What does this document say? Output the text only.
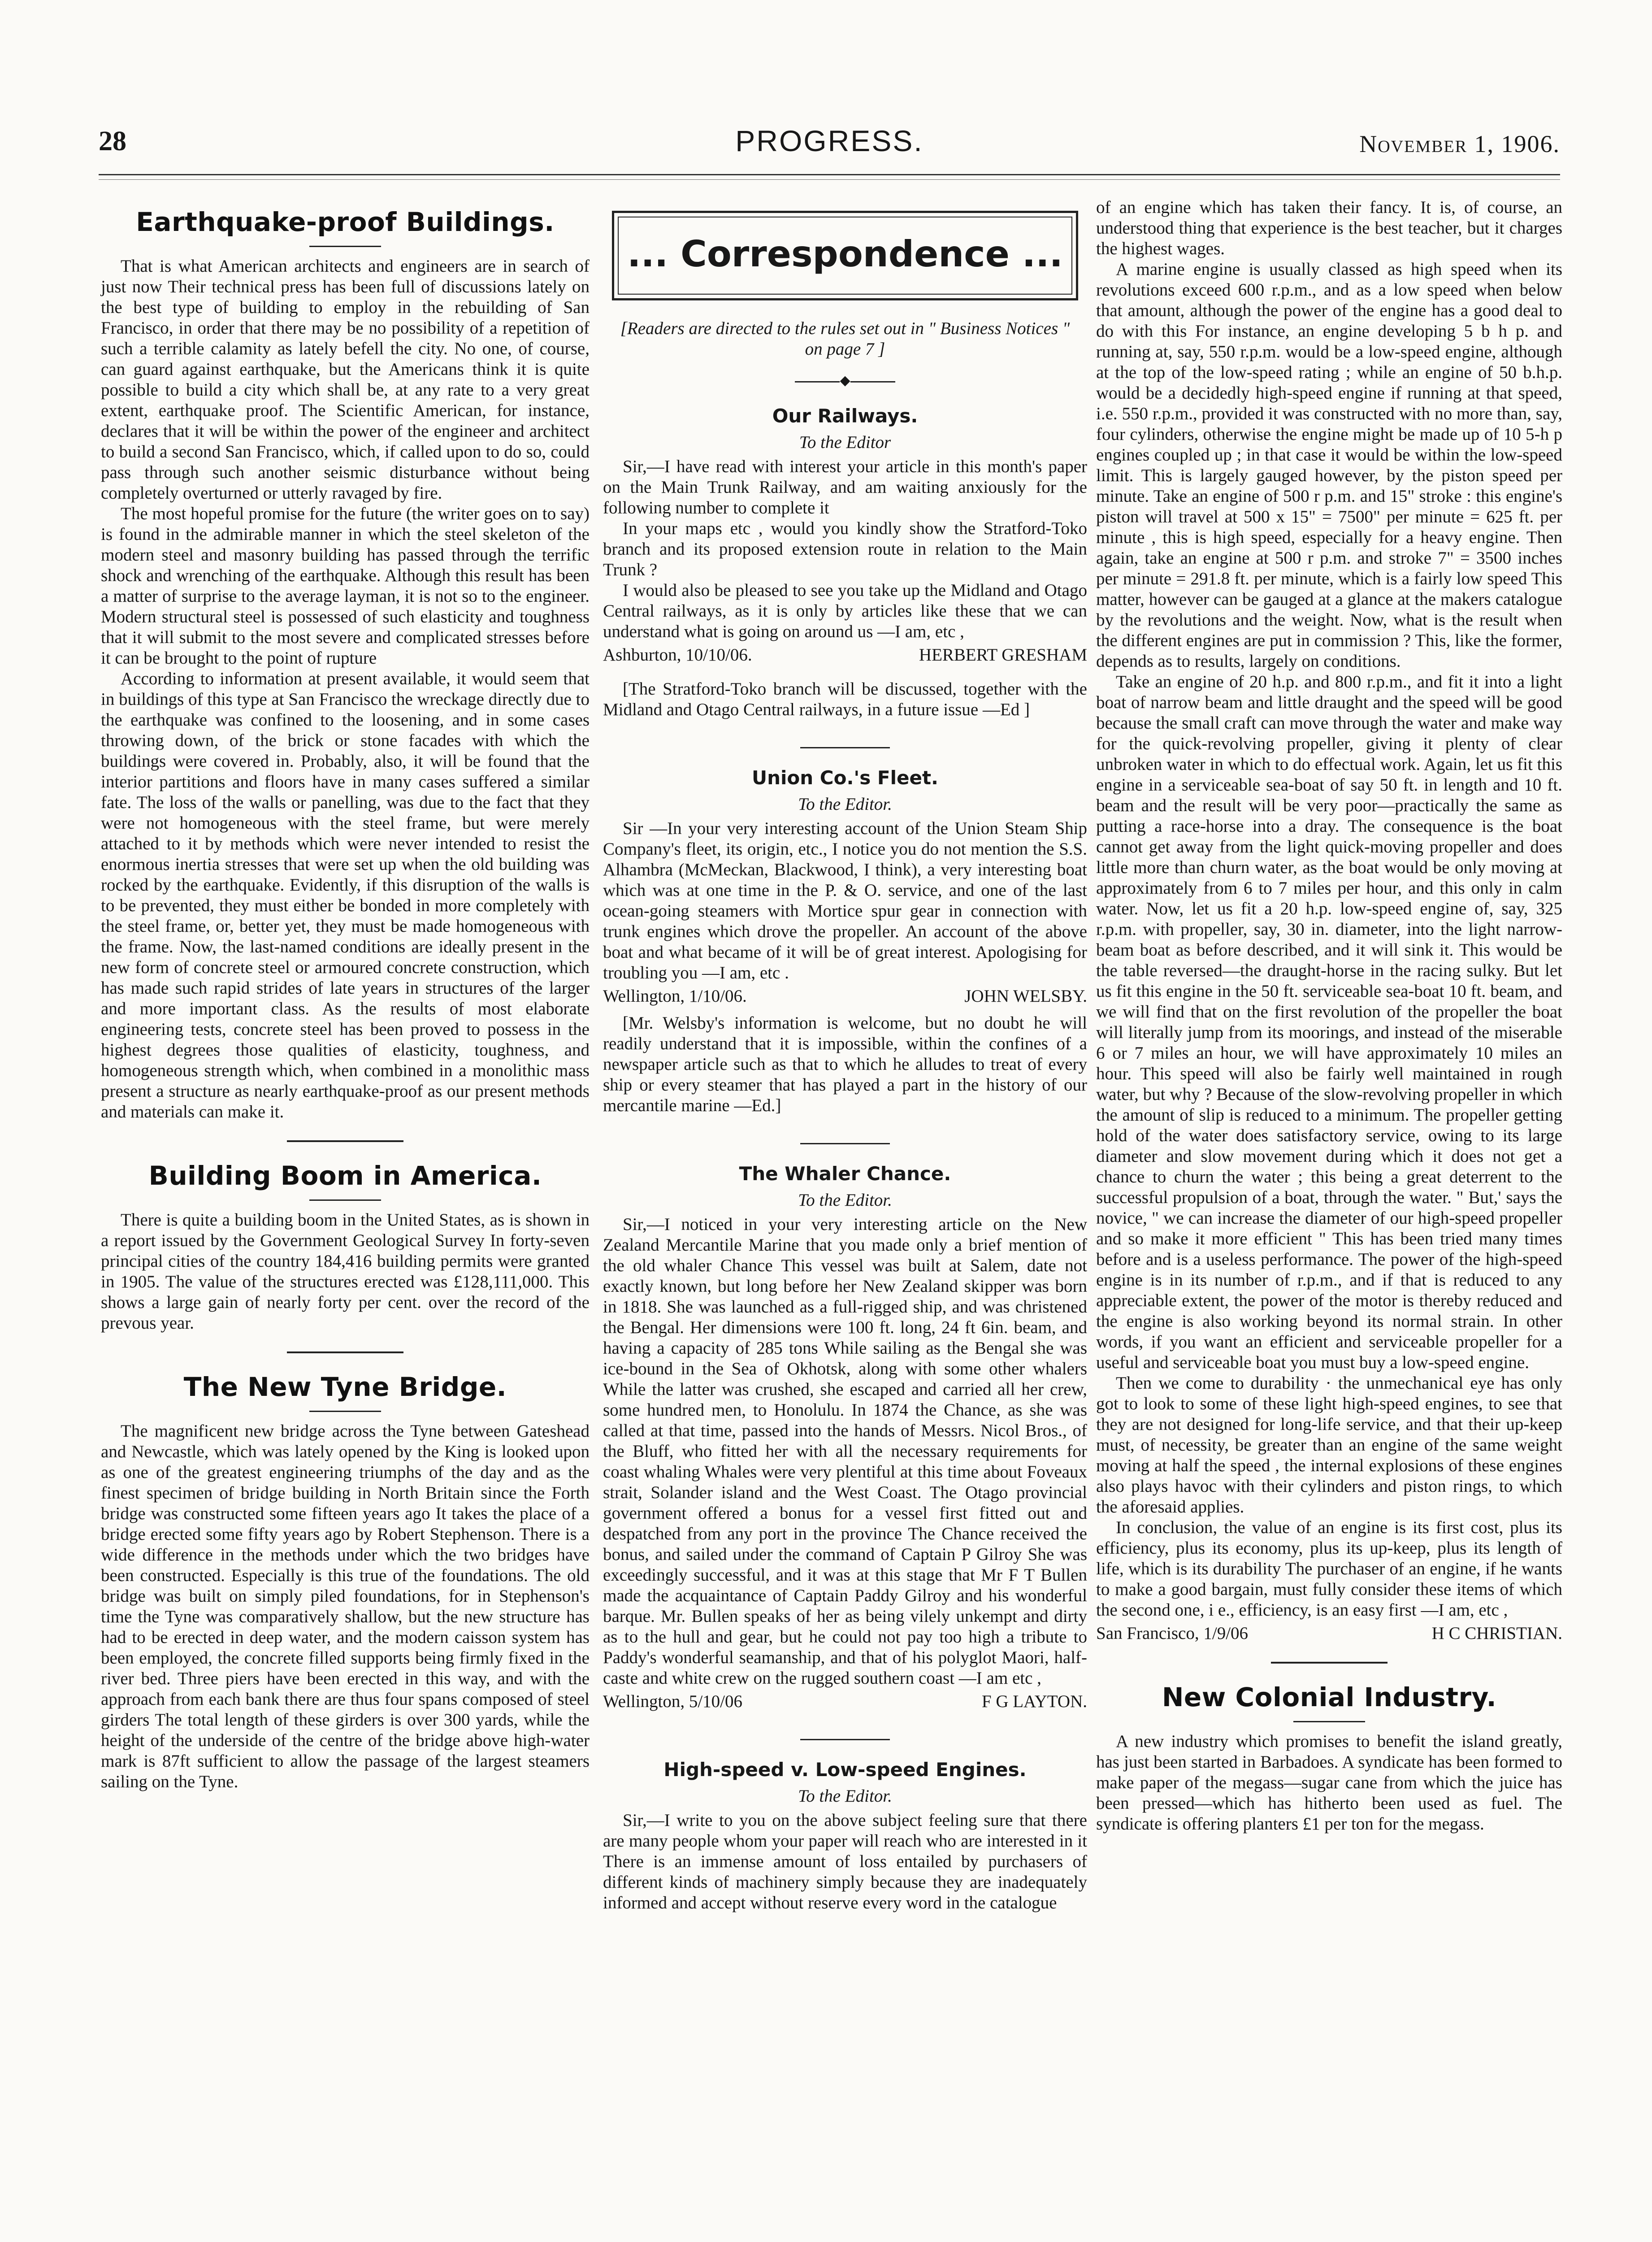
28	PROGRESS.	November 1, 1906.
Earthquake-proof Buildings.

That is what American architects and engineers are in search of just now Their technical press has been full of discussions lately on the best type of building to employ in the rebuilding of San Francisco, in order that there may be no possibility of a repetition of such a terrible calamity as lately befell the city. No one, of course, can guard against earthquake, but the Americans think it is quite possible to build a city which shall be, at any rate to a very great extent, earthquake proof. The Scientific American, for instance, declares that it will be within the power of the engineer and architect to build a second San Francisco, which, if called upon to do so, could pass through such another seismic disturbance without being completely overturned or utterly ravaged by fire.

The most hopeful promise for the future (the writer goes on to say) is found in the admirable manner in which the steel skeleton of the modern steel and masonry building has passed through the terrific shock and wrenching of the earthquake. Although this result has been a matter of surprise to the average layman, it is not so to the engineer. Modern structural steel is possessed of such elasticity and toughness that it will submit to the most severe and complicated stresses before it can be brought to the point of rupture

According to information at present available, it would seem that in buildings of this type at San Francisco the wreckage directly due to the earthquake was confined to the loosening, and in some cases throwing down, of the brick or stone facades with which the buildings were covered in. Probably, also, it will be found that the interior partitions and floors have in many cases suffered a similar fate. The loss of the walls or panelling, was due to the fact that they were not homogeneous with the steel frame, but were merely attached to it by methods which were never intended to resist the enormous inertia stresses that were set up when the old building was rocked by the earthquake. Evidently, if this disruption of the walls is to be prevented, they must either be bonded in more completely with the steel frame, or, better yet, they must be made homogeneous with the frame. Now, the last-named conditions are ideally present in the new form of concrete steel or armoured concrete construction, which has made such rapid strides of late years in structures of the larger and more important class. As the results of most elaborate engineering tests, concrete steel has been proved to possess in the highest degrees those qualities of elasticity, toughness, and homogeneous strength which, when combined in a monolithic mass present a structure as nearly earthquake-proof as our present methods and materials can make it.

Building Boom in America.

There is quite a building boom in the United States, as is shown in a report issued by the Government Geological Survey In forty-seven principal cities of the country 184,416 building permits were granted in 1905. The value of the structures erected was £128,111,000. This shows a large gain of nearly forty per cent. over the record of the prevous year.

The New Tyne Bridge.

The magnificent new bridge across the Tyne between Gateshead and Newcastle, which was lately opened by the King is looked upon as one of the greatest engineering triumphs of the day and as the finest specimen of bridge building in North Britain since the Forth bridge was constructed some fifteen years ago It takes the place of a bridge erected some fifty years ago by Robert Stephenson. There is a wide difference in the methods under which the two bridges have been constructed. Especially is this true of the foundations. The old bridge was built on simply piled foundations, for in Stephenson's time the Tyne was comparatively shallow, but the new structure has had to be erected in deep water, and the modern caisson system has been employed, the concrete filled supports being firmly fixed in the river bed. Three piers have been erected in this way, and with the approach from each bank there are thus four spans composed of steel girders The total length of these girders is over 300 yards, while the height of the underside of the centre of the bridge above high-water mark is 87ft sufficient to allow the passage of the largest steamers sailing on the Tyne.

... Correspondence ...
[Readers are directed to the rules set out in " Business Notices " on page 7 ]
◆
Our Railways.
To the Editor

Sir,—I have read with interest your article in this month's paper on the Main Trunk Railway, and am waiting anxiously for the following number to complete it

In your maps etc , would you kindly show the Stratford-Toko branch and its proposed extension route in relation to the Main Trunk ?

I would also be pleased to see you take up the Midland and Otago Central railways, as it is only by articles like these that we can understand what is going on around us —I am, etc ,

Ashburton, 10/10/06.	HERBERT GRESHAM

[The Stratford-Toko branch will be discussed, together with the Midland and Otago Central railways, in a future issue —Ed ]

Union Co.'s Fleet.
To the Editor.

Sir —In your very interesting account of the Union Steam Ship Company's fleet, its origin, etc., I notice you do not mention the S.S. Alhambra (McMeckan, Blackwood, I think), a very interesting boat which was at one time in the P. & O. service, and one of the last ocean-going steamers with Mortice spur gear in connection with trunk engines which drove the propeller. An account of the above boat and what became of it will be of great interest. Apologising for troubling you —I am, etc .

Wellington, 1/10/06.	JOHN WELSBY.

[Mr. Welsby's information is welcome, but no doubt he will readily understand that it is impossible, within the confines of a newspaper article such as that to which he alludes to treat of every ship or every steamer that has played a part in the history of our mercantile marine —Ed.]

The Whaler Chance.
To the Editor.

Sir,—I noticed in your very interesting article on the New Zealand Mercantile Marine that you made only a brief mention of the old whaler Chance This vessel was built at Salem, date not exactly known, but long before her New Zealand skipper was born in 1818. She was launched as a full-rigged ship, and was christened the Bengal. Her dimensions were 100 ft. long, 24 ft 6in. beam, and having a capacity of 285 tons While sailing as the Bengal she was ice-bound in the Sea of Okhotsk, along with some other whalers While the latter was crushed, she escaped and carried all her crew, some hundred men, to Honolulu. In 1874 the Chance, as she was called at that time, passed into the hands of Messrs. Nicol Bros., of the Bluff, who fitted her with all the necessary requirements for coast whaling Whales were very plentiful at this time about Foveaux strait, Solander island and the West Coast. The Otago provincial government offered a bonus for a vessel first fitted out and despatched from any port in the province The Chance received the bonus, and sailed under the command of Captain P Gilroy She was exceedingly successful, and it was at this stage that Mr F T Bullen made the acquaintance of Captain Paddy Gilroy and his wonderful barque. Mr. Bullen speaks of her as being vilely unkempt and dirty as to the hull and gear, but he could not pay too high a tribute to Paddy's wonderful seamanship, and that of his polyglot Maori, half-caste and white crew on the rugged southern coast —I am etc ,

Wellington, 5/10/06	F G LAYTON.
High-speed v. Low-speed Engines.
To the Editor.

Sir,—I write to you on the above subject feeling sure that there are many people whom your paper will reach who are interested in it There is an immense amount of loss entailed by purchasers of different kinds of machinery simply because they are inadequately informed and accept without reserve every word in the catalogue

of an engine which has taken their fancy. It is, of course, an understood thing that experience is the best teacher, but it charges the highest wages.

A marine engine is usually classed as high speed when its revolutions exceed 600 r.p.m., and as a low speed when below that amount, although the power of the engine has a good deal to do with this For instance, an engine developing 5 b h p. and running at, say, 550 r.p.m. would be a low-speed engine, although at the top of the low-speed rating ; while an engine of 50 b.h.p. would be a decidedly high-speed engine if running at that speed, i.e. 550 r.p.m., provided it was constructed with no more than, say, four cylinders, otherwise the engine might be made up of 10 5-h p engines coupled up ; in that case it would be within the low-speed limit. This is largely gauged however, by the piston speed per minute. Take an engine of 500 r p.m. and 15" stroke : this engine's piston will travel at 500 x 15" = 7500" per minute = 625 ft. per minute , this is high speed, especially for a heavy engine. Then again, take an engine at 500 r p.m. and stroke 7" = 3500 inches per minute = 291.8 ft. per minute, which is a fairly low speed This matter, however can be gauged at a glance at the makers catalogue by the revolutions and the weight. Now, what is the result when the different engines are put in commission ? This, like the former, depends as to results, largely on conditions.

Take an engine of 20 h.p. and 800 r.p.m., and fit it into a light boat of narrow beam and little draught and the speed will be good because the small craft can move through the water and make way for the quick-revolving propeller, giving it plenty of clear unbroken water in which to do effectual work. Again, let us fit this engine in a serviceable sea-boat of say 50 ft. in length and 10 ft. beam and the result will be very poor—practically the same as putting a race-horse into a dray. The consequence is the boat cannot get away from the light quick-moving propeller and does little more than churn water, as the boat would be only moving at approximately from 6 to 7 miles per hour, and this only in calm water. Now, let us fit a 20 h.p. low-speed engine of, say, 325 r.p.m. with propeller, say, 30 in. diameter, into the light narrow-beam boat as before described, and it will sink it. This would be the table reversed—the draught-horse in the racing sulky. But let us fit this engine in the 50 ft. serviceable sea-boat 10 ft. beam, and we will find that on the first revolution of the propeller the boat will literally jump from its moorings, and instead of the miserable 6 or 7 miles an hour, we will have approximately 10 miles an hour. This speed will also be fairly well maintained in rough water, but why ? Because of the slow-revolving propeller in which the amount of slip is reduced to a minimum. The propeller getting hold of the water does satisfactory service, owing to its large diameter and slow movement during which it does not get a chance to churn the water ; this being a great deterrent to the successful propulsion of a boat, through the water. " But,' says the novice, " we can increase the diameter of our high-speed propeller and so make it more efficient " This has been tried many times before and is a useless performance. The power of the high-speed engine is in its number of r.p.m., and if that is reduced to any appreciable extent, the power of the motor is thereby reduced and the engine is also working beyond its normal strain. In other words, if you want an efficient and serviceable propeller for a useful and serviceable boat you must buy a low-speed engine.

Then we come to durability · the unmechanical eye has only got to look to some of these light high-speed engines, to see that they are not designed for long-life service, and that their up-keep must, of necessity, be greater than an engine of the same weight moving at half the speed , the internal explosions of these engines also plays havoc with their cylinders and piston rings, to which the aforesaid applies.

In conclusion, the value of an engine is its first cost, plus its efficiency, plus its economy, plus its up-keep, plus its length of life, which is its durability The purchaser of an engine, if he wants to make a good bargain, must fully consider these items of which the second one, i e., efficiency, is an easy first —I am, etc ,

San Francisco, 1/9/06	H C CHRISTIAN.
New Colonial Industry.

A new industry which promises to benefit the island greatly, has just been started in Barbadoes. A syndicate has been formed to make paper of the megass—sugar cane from which the juice has been pressed—which has hitherto been used as fuel. The syndicate is offering planters £1 per ton for the megass.
